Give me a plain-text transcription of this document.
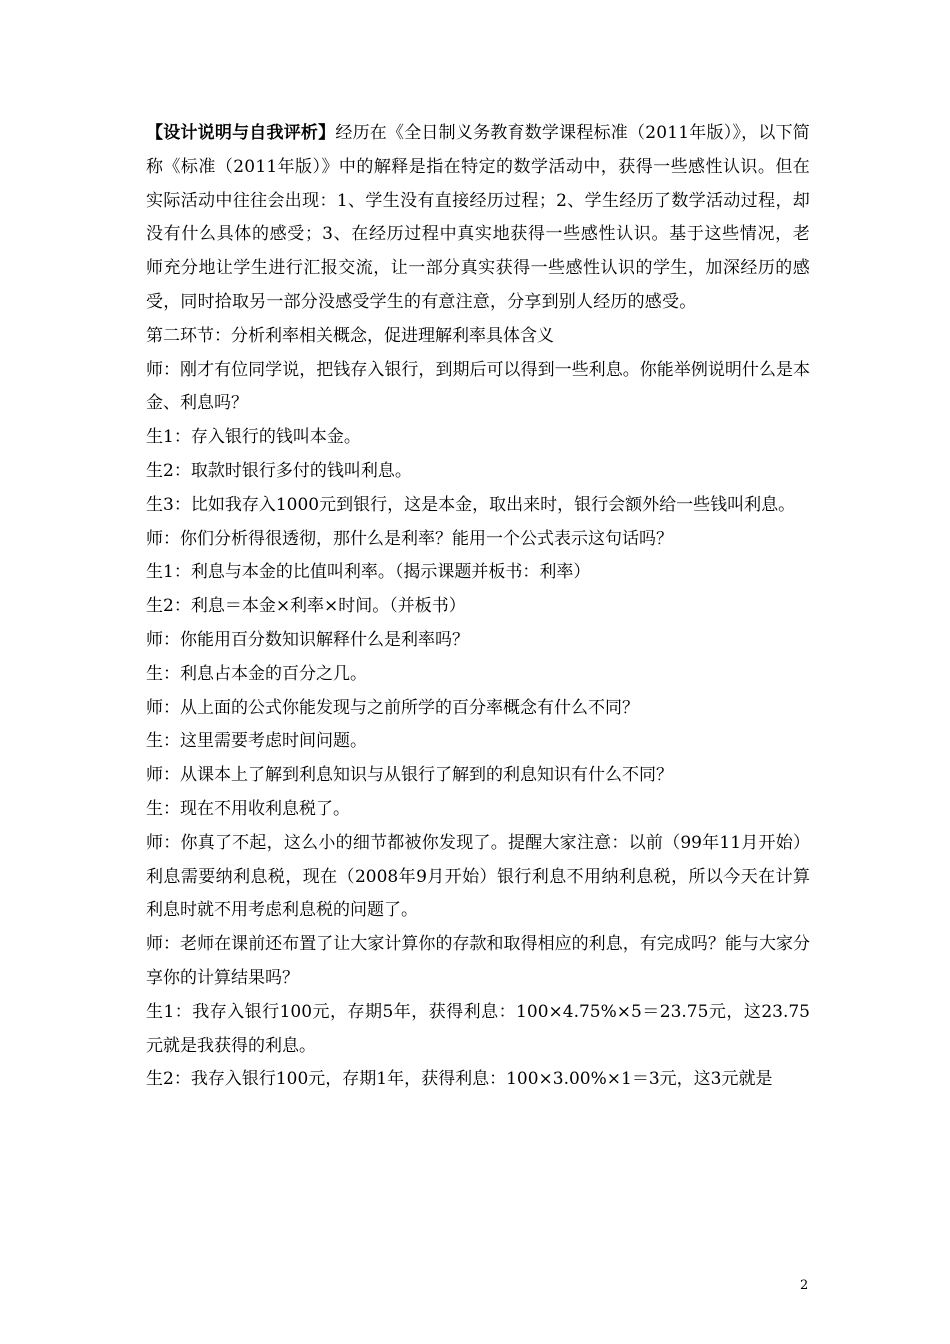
【设计说明与自我评析】经历在《全日制义务教育数学课程标准（2011年版）》，以下简称《标准（2011年版）》中的解释是指在特定的数学活动中，获得一些感性认识。但在实际活动中往往会出现：1、学生没有直接经历过程；2、学生经历了数学活动过程，却没有什么具体的感受；3、在经历过程中真实地获得一些感性认识。基于这些情况，老师充分地让学生进行汇报交流，让一部分真实获得一些感性认识的学生，加深经历的感受，同时拾取另一部分没感受学生的有意注意，分享到别人经历的感受。

第二环节：分析利率相关概念，促进理解利率具体含义

师：刚才有位同学说，把钱存入银行，到期后可以得到一些利息。你能举例说明什么是本金、利息吗？

生1：存入银行的钱叫本金。

生2：取款时银行多付的钱叫利息。

生3：比如我存入1000元到银行，这是本金，取出来时，银行会额外给一些钱叫利息。

师：你们分析得很透彻，那什么是利率？能用一个公式表示这句话吗？

生1：利息与本金的比值叫利率。（揭示课题并板书：利率）

生2：利息＝本金×利率×时间。（并板书）

师：你能用百分数知识解释什么是利率吗？

生：利息占本金的百分之几。

师：从上面的公式你能发现与之前所学的百分率概念有什么不同？

生：这里需要考虑时间问题。

师：从课本上了解到利息知识与从银行了解到的利息知识有什么不同？

生：现在不用收利息税了。

师：你真了不起，这么小的细节都被你发现了。提醒大家注意：以前（99年11月开始）利息需要纳利息税，现在（2008年9月开始）银行利息不用纳利息税，所以今天在计算利息时就不用考虑利息税的问题了。

师：老师在课前还布置了让大家计算你的存款和取得相应的利息，有完成吗？能与大家分享你的计算结果吗？

生1：我存入银行100元，存期5年，获得利息：100×4.75%×5＝23.75元，这23.75元就是我获得的利息。

生2：我存入银行100元，存期1年，获得利息：100×3.00%×1＝3元，这3元就是

2
